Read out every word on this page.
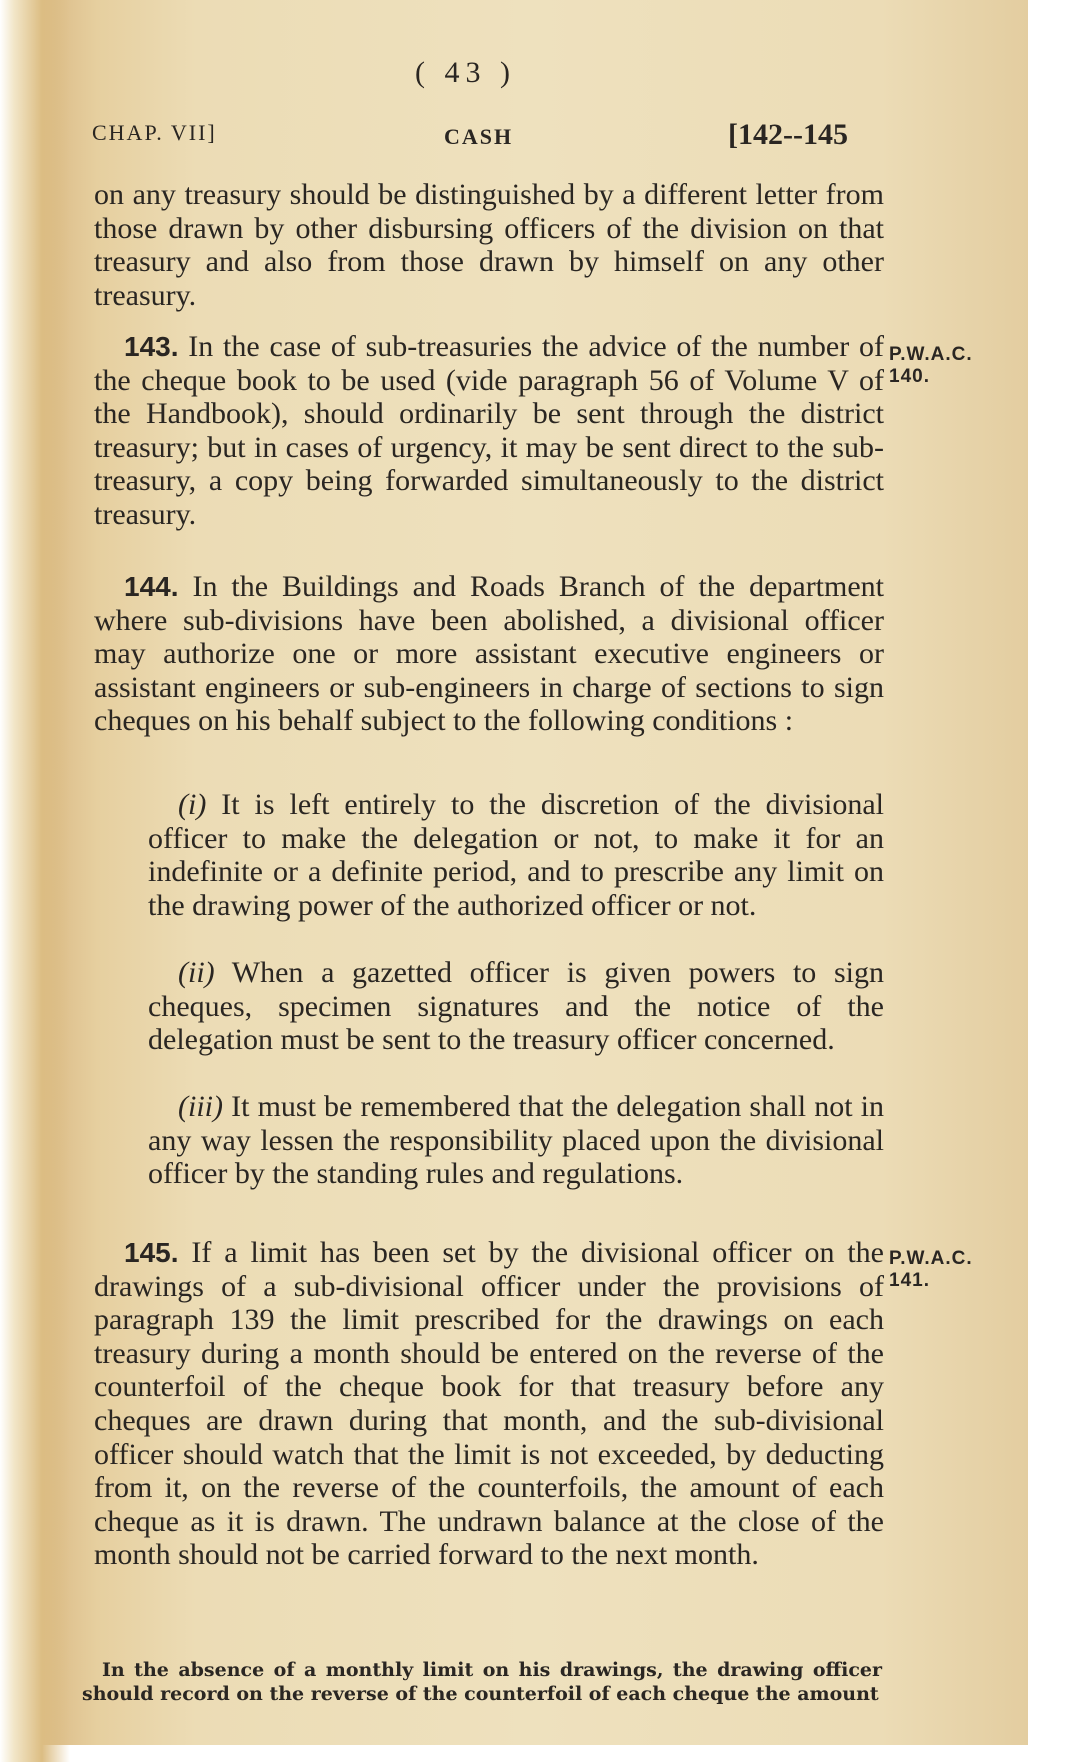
( 43 )
CHAP. VII]	CASH	[142--145
on any treasury should be distinguished by a different letter from those drawn by other disbursing officers of the division on that treasury and also from those drawn by himself on any other treasury.
143. In the case of sub-treasuries the advice of the number of the cheque book to be used (vide paragraph 56 of Volume V of the Handbook), should ordinarily be sent through the district treasury; but in cases of urgency, it may be sent direct to the sub-treasury, a copy being forwarded simultaneously to the district treasury.
P.W.A.C.
140.
144. In the Buildings and Roads Branch of the department where sub-divisions have been abolished, a divisional officer may authorize one or more assistant executive engineers or assistant engineers or sub-engineers in charge of sections to sign cheques on his behalf subject to the following conditions :
(i) It is left entirely to the discretion of the divisional officer to make the delegation or not, to make it for an indefinite or a definite period, and to prescribe any limit on the drawing power of the authorized officer or not.
(ii) When a gazetted officer is given powers to sign cheques, specimen signatures and the notice of the delegation must be sent to the treasury officer concerned.
(iii) It must be remembered that the delegation shall not in any way lessen the responsibility placed upon the divisional officer by the standing rules and regulations.
145. If a limit has been set by the divisional officer on the drawings of a sub-divisional officer under the provisions of paragraph 139 the limit prescribed for the drawings on each treasury during a month should be entered on the reverse of the counterfoil of the cheque book for that treasury before any cheques are drawn during that month, and the sub-divisional officer should watch that the limit is not exceeded, by deducting from it, on the reverse of the counterfoils, the amount of each cheque as it is drawn. The undrawn balance at the close of the month should not be carried forward to the next month.
P.W.A.C.
141.
In the absence of a monthly limit on his drawings, the drawing officer should record on the reverse of the counterfoil of each cheque the amount
